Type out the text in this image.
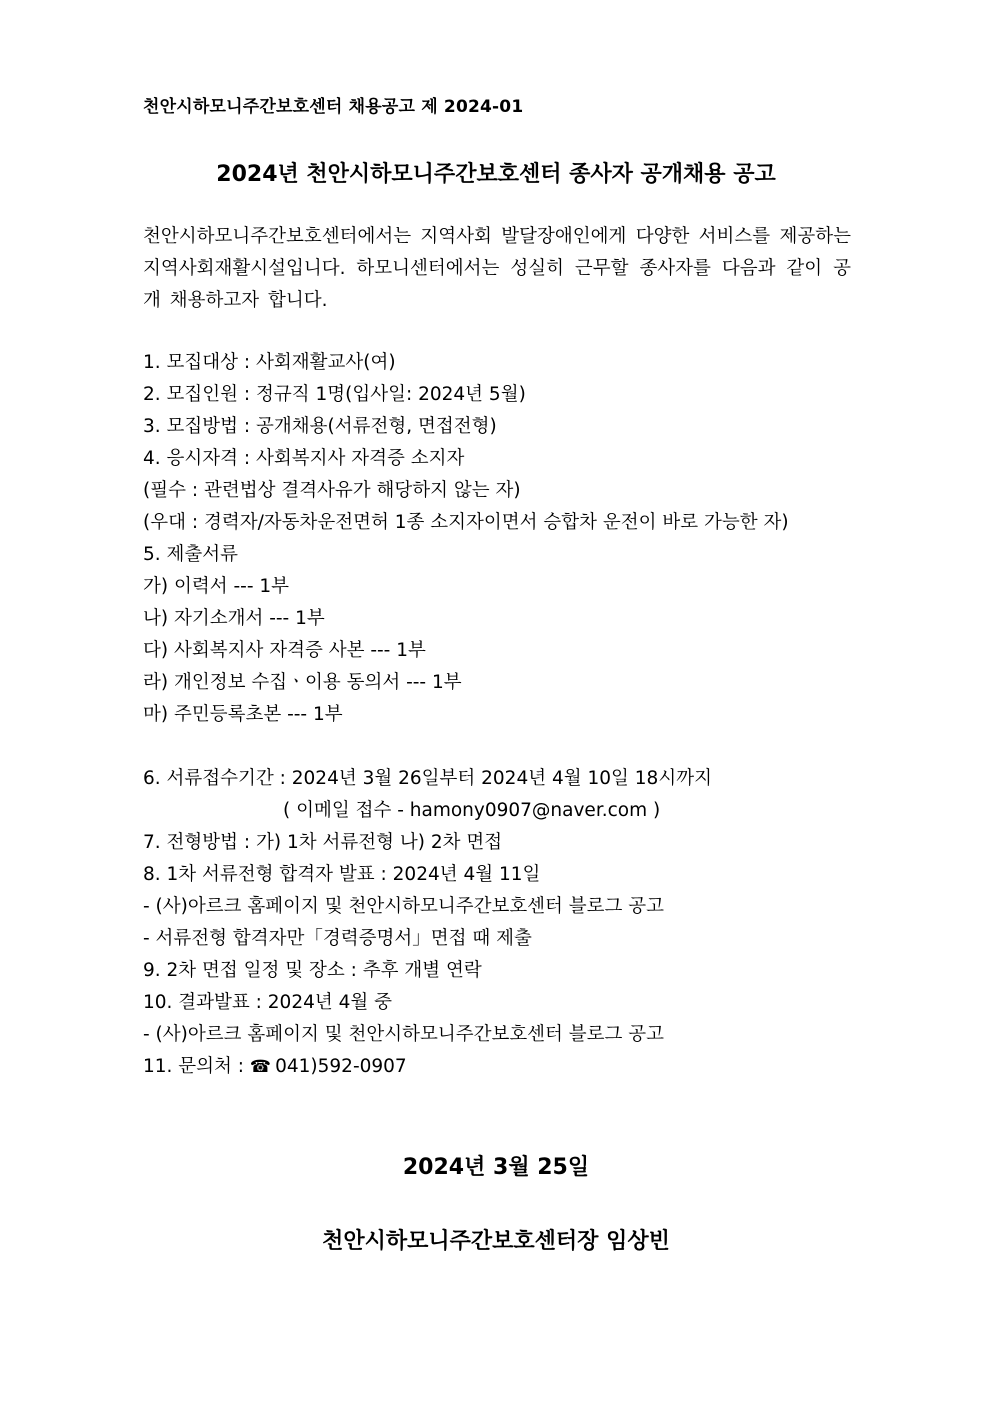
천안시하모니주간보호센터 채용공고 제 2024-01
2024년 천안시하모니주간보호센터 종사자 공개채용 공고
천안시하모니주간보호센터에서는 지역사회 발달장애인에게 다양한 서비스를 제공하는 지역사회재활시설입니다. 하모니센터에서는 성실히 근무할 종사자를 다음과 같이 공개 채용하고자 합니다.
1. 모집대상 : 사회재활교사(여)
2. 모집인원 : 정규직 1명(입사일: 2024년 5월)
3. 모집방법 : 공개채용(서류전형, 면접전형)
4. 응시자격 : 사회복지사 자격증 소지자
(필수 : 관련법상 결격사유가 해당하지 않는 자)
(우대 : 경력자/자동차운전면허 1종 소지자이면서 승합차 운전이 바로 가능한 자)
5. 제출서류
가) 이력서 --- 1부
나) 자기소개서 --- 1부
다) 사회복지사 자격증 사본 --- 1부
라) 개인정보 수집ㆍ이용 동의서 --- 1부
마) 주민등록초본 --- 1부
6. 서류접수기간 : 2024년 3월 26일부터 2024년 4월 10일 18시까지
( 이메일 접수 - hamony0907@naver.com )
7. 전형방법 : 가) 1차 서류전형 나) 2차 면접
8. 1차 서류전형 합격자 발표 : 2024년 4월 11일
- (사)아르크 홈페이지 및 천안시하모니주간보호센터 블로그 공고
- 서류전형 합격자만「경력증명서」면접 때 제출
9. 2차 면접 일정 및 장소 : 추후 개별 연락
10. 결과발표 : 2024년 4월 중
- (사)아르크 홈페이지 및 천안시하모니주간보호센터 블로그 공고
11. 문의처 : ☎ 041)592-0907
2024년 3월 25일
천안시하모니주간보호센터장 임상빈
